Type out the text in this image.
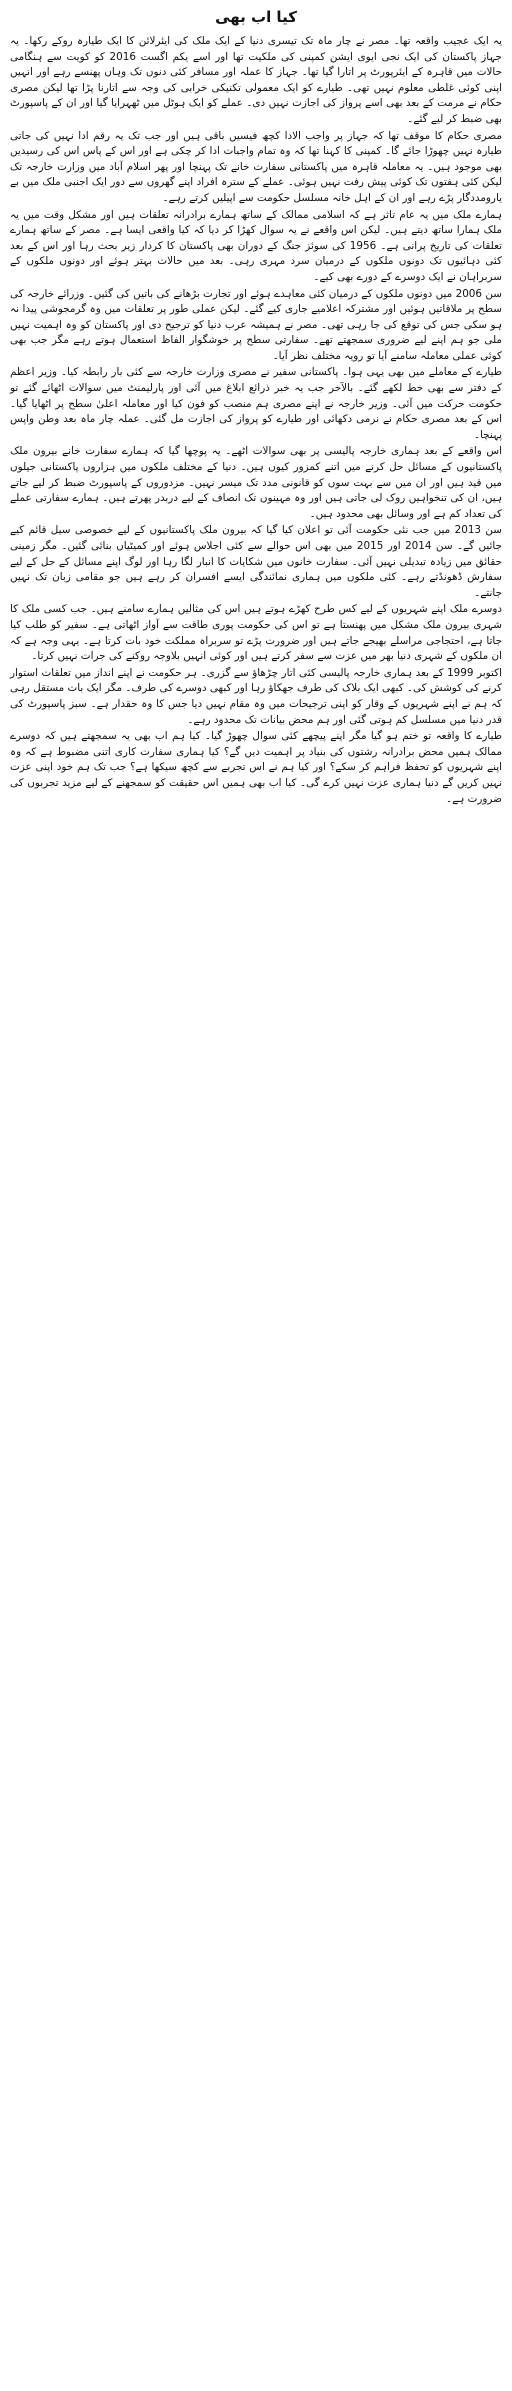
کیا اب بھی

یہ ایک عجیب واقعہ تھا۔ مصر نے چار ماہ تک تیسری دنیا کے ایک ملک کی ایئرلائن کا ایک طیارہ روکے رکھا۔ یہ جہاز پاکستان کی ایک نجی ایوی ایشن کمپنی کی ملکیت تھا اور اسے یکم اگست 2016 کو کویت سے ہنگامی حالات میں قاہرہ کے ایئرپورٹ پر اتارا گیا تھا۔ جہاز کا عملہ اور مسافر کئی دنوں تک وہاں پھنسے رہے اور انہیں اپنی کوئی غلطی معلوم نہیں تھی۔ طیارے کو ایک معمولی تکنیکی خرابی کی وجہ سے اتارنا پڑا تھا لیکن مصری حکام نے مرمت کے بعد بھی اسے پرواز کی اجازت نہیں دی۔ عملے کو ایک ہوٹل میں ٹھہرایا گیا اور ان کے پاسپورٹ بھی ضبط کر لیے گئے۔

مصری حکام کا موقف تھا کہ جہاز پر واجب الادا کچھ فیسیں باقی ہیں اور جب تک یہ رقم ادا نہیں کی جاتی طیارہ نہیں چھوڑا جائے گا۔ کمپنی کا کہنا تھا کہ وہ تمام واجبات ادا کر چکی ہے اور اس کے پاس اس کی رسیدیں بھی موجود ہیں۔ یہ معاملہ قاہرہ میں پاکستانی سفارت خانے تک پہنچا اور پھر اسلام آباد میں وزارت خارجہ تک لیکن کئی ہفتوں تک کوئی پیش رفت نہیں ہوئی۔ عملے کے سترہ افراد اپنے گھروں سے دور ایک اجنبی ملک میں بے یارومددگار پڑے رہے اور ان کے اہل خانہ مسلسل حکومت سے اپیلیں کرتے رہے۔

ہمارے ملک میں یہ عام تاثر ہے کہ اسلامی ممالک کے ساتھ ہمارے برادرانہ تعلقات ہیں اور مشکل وقت میں یہ ملک ہمارا ساتھ دیتے ہیں۔ لیکن اس واقعے نے یہ سوال کھڑا کر دیا کہ کیا واقعی ایسا ہے۔ مصر کے ساتھ ہمارے تعلقات کی تاریخ پرانی ہے۔ 1956 کی سوئز جنگ کے دوران بھی پاکستان کا کردار زیر بحث رہا اور اس کے بعد کئی دہائیوں تک دونوں ملکوں کے درمیان سرد مہری رہی۔ بعد میں حالات بہتر ہوئے اور دونوں ملکوں کے سربراہان نے ایک دوسرے کے دورے بھی کیے۔

سن 2006 میں دونوں ملکوں کے درمیان کئی معاہدے ہوئے اور تجارت بڑھانے کی باتیں کی گئیں۔ وزرائے خارجہ کی سطح پر ملاقاتیں ہوئیں اور مشترکہ اعلامیے جاری کیے گئے۔ لیکن عملی طور پر تعلقات میں وہ گرمجوشی پیدا نہ ہو سکی جس کی توقع کی جا رہی تھی۔ مصر نے ہمیشہ عرب دنیا کو ترجیح دی اور پاکستان کو وہ اہمیت نہیں ملی جو ہم اپنے لیے ضروری سمجھتے تھے۔ سفارتی سطح پر خوشگوار الفاظ استعمال ہوتے رہے مگر جب بھی کوئی عملی معاملہ سامنے آیا تو رویہ مختلف نظر آیا۔

طیارے کے معاملے میں بھی یہی ہوا۔ پاکستانی سفیر نے مصری وزارت خارجہ سے کئی بار رابطہ کیا۔ وزیر اعظم کے دفتر سے بھی خط لکھے گئے۔ بالآخر جب یہ خبر ذرائع ابلاغ میں آئی اور پارلیمنٹ میں سوالات اٹھائے گئے تو حکومت حرکت میں آئی۔ وزیر خارجہ نے اپنے مصری ہم منصب کو فون کیا اور معاملہ اعلیٰ سطح پر اٹھایا گیا۔ اس کے بعد مصری حکام نے نرمی دکھائی اور طیارے کو پرواز کی اجازت مل گئی۔ عملہ چار ماہ بعد وطن واپس پہنچا۔

اس واقعے کے بعد ہماری خارجہ پالیسی پر بھی سوالات اٹھے۔ یہ پوچھا گیا کہ ہمارے سفارت خانے بیرون ملک پاکستانیوں کے مسائل حل کرنے میں اتنے کمزور کیوں ہیں۔ دنیا کے مختلف ملکوں میں ہزاروں پاکستانی جیلوں میں قید ہیں اور ان میں سے بہت سوں کو قانونی مدد تک میسر نہیں۔ مزدوروں کے پاسپورٹ ضبط کر لیے جاتے ہیں، ان کی تنخواہیں روک لی جاتی ہیں اور وہ مہینوں تک انصاف کے لیے دربدر پھرتے ہیں۔ ہمارے سفارتی عملے کی تعداد کم ہے اور وسائل بھی محدود ہیں۔

سن 2013 میں جب نئی حکومت آئی تو اعلان کیا گیا کہ بیرون ملک پاکستانیوں کے لیے خصوصی سیل قائم کیے جائیں گے۔ سن 2014 اور 2015 میں بھی اس حوالے سے کئی اجلاس ہوئے اور کمیٹیاں بنائی گئیں۔ مگر زمینی حقائق میں زیادہ تبدیلی نہیں آئی۔ سفارت خانوں میں شکایات کا انبار لگا رہا اور لوگ اپنے مسائل کے حل کے لیے سفارش ڈھونڈتے رہے۔ کئی ملکوں میں ہماری نمائندگی ایسے افسران کر رہے ہیں جو مقامی زبان تک نہیں جانتے۔

دوسرے ملک اپنے شہریوں کے لیے کس طرح کھڑے ہوتے ہیں اس کی مثالیں ہمارے سامنے ہیں۔ جب کسی ملک کا شہری بیرون ملک مشکل میں پھنستا ہے تو اس کی حکومت پوری طاقت سے آواز اٹھاتی ہے۔ سفیر کو طلب کیا جاتا ہے، احتجاجی مراسلے بھیجے جاتے ہیں اور ضرورت پڑے تو سربراہ مملکت خود بات کرتا ہے۔ یہی وجہ ہے کہ ان ملکوں کے شہری دنیا بھر میں عزت سے سفر کرتے ہیں اور کوئی انہیں بلاوجہ روکنے کی جرات نہیں کرتا۔

اکتوبر 1999 کے بعد ہماری خارجہ پالیسی کئی اتار چڑھاؤ سے گزری۔ ہر حکومت نے اپنے انداز میں تعلقات استوار کرنے کی کوشش کی۔ کبھی ایک بلاک کی طرف جھکاؤ رہا اور کبھی دوسرے کی طرف۔ مگر ایک بات مستقل رہی کہ ہم نے اپنے شہریوں کے وقار کو اپنی ترجیحات میں وہ مقام نہیں دیا جس کا وہ حقدار ہے۔ سبز پاسپورٹ کی قدر دنیا میں مسلسل کم ہوتی گئی اور ہم محض بیانات تک محدود رہے۔

طیارے کا واقعہ تو ختم ہو گیا مگر اپنے پیچھے کئی سوال چھوڑ گیا۔ کیا ہم اب بھی یہ سمجھتے ہیں کہ دوسرے ممالک ہمیں محض برادرانہ رشتوں کی بنیاد پر اہمیت دیں گے؟ کیا ہماری سفارت کاری اتنی مضبوط ہے کہ وہ اپنے شہریوں کو تحفظ فراہم کر سکے؟ اور کیا ہم نے اس تجربے سے کچھ سیکھا ہے؟ جب تک ہم خود اپنی عزت نہیں کریں گے دنیا ہماری عزت نہیں کرے گی۔ کیا اب بھی ہمیں اس حقیقت کو سمجھنے کے لیے مزید تجربوں کی ضرورت ہے۔
